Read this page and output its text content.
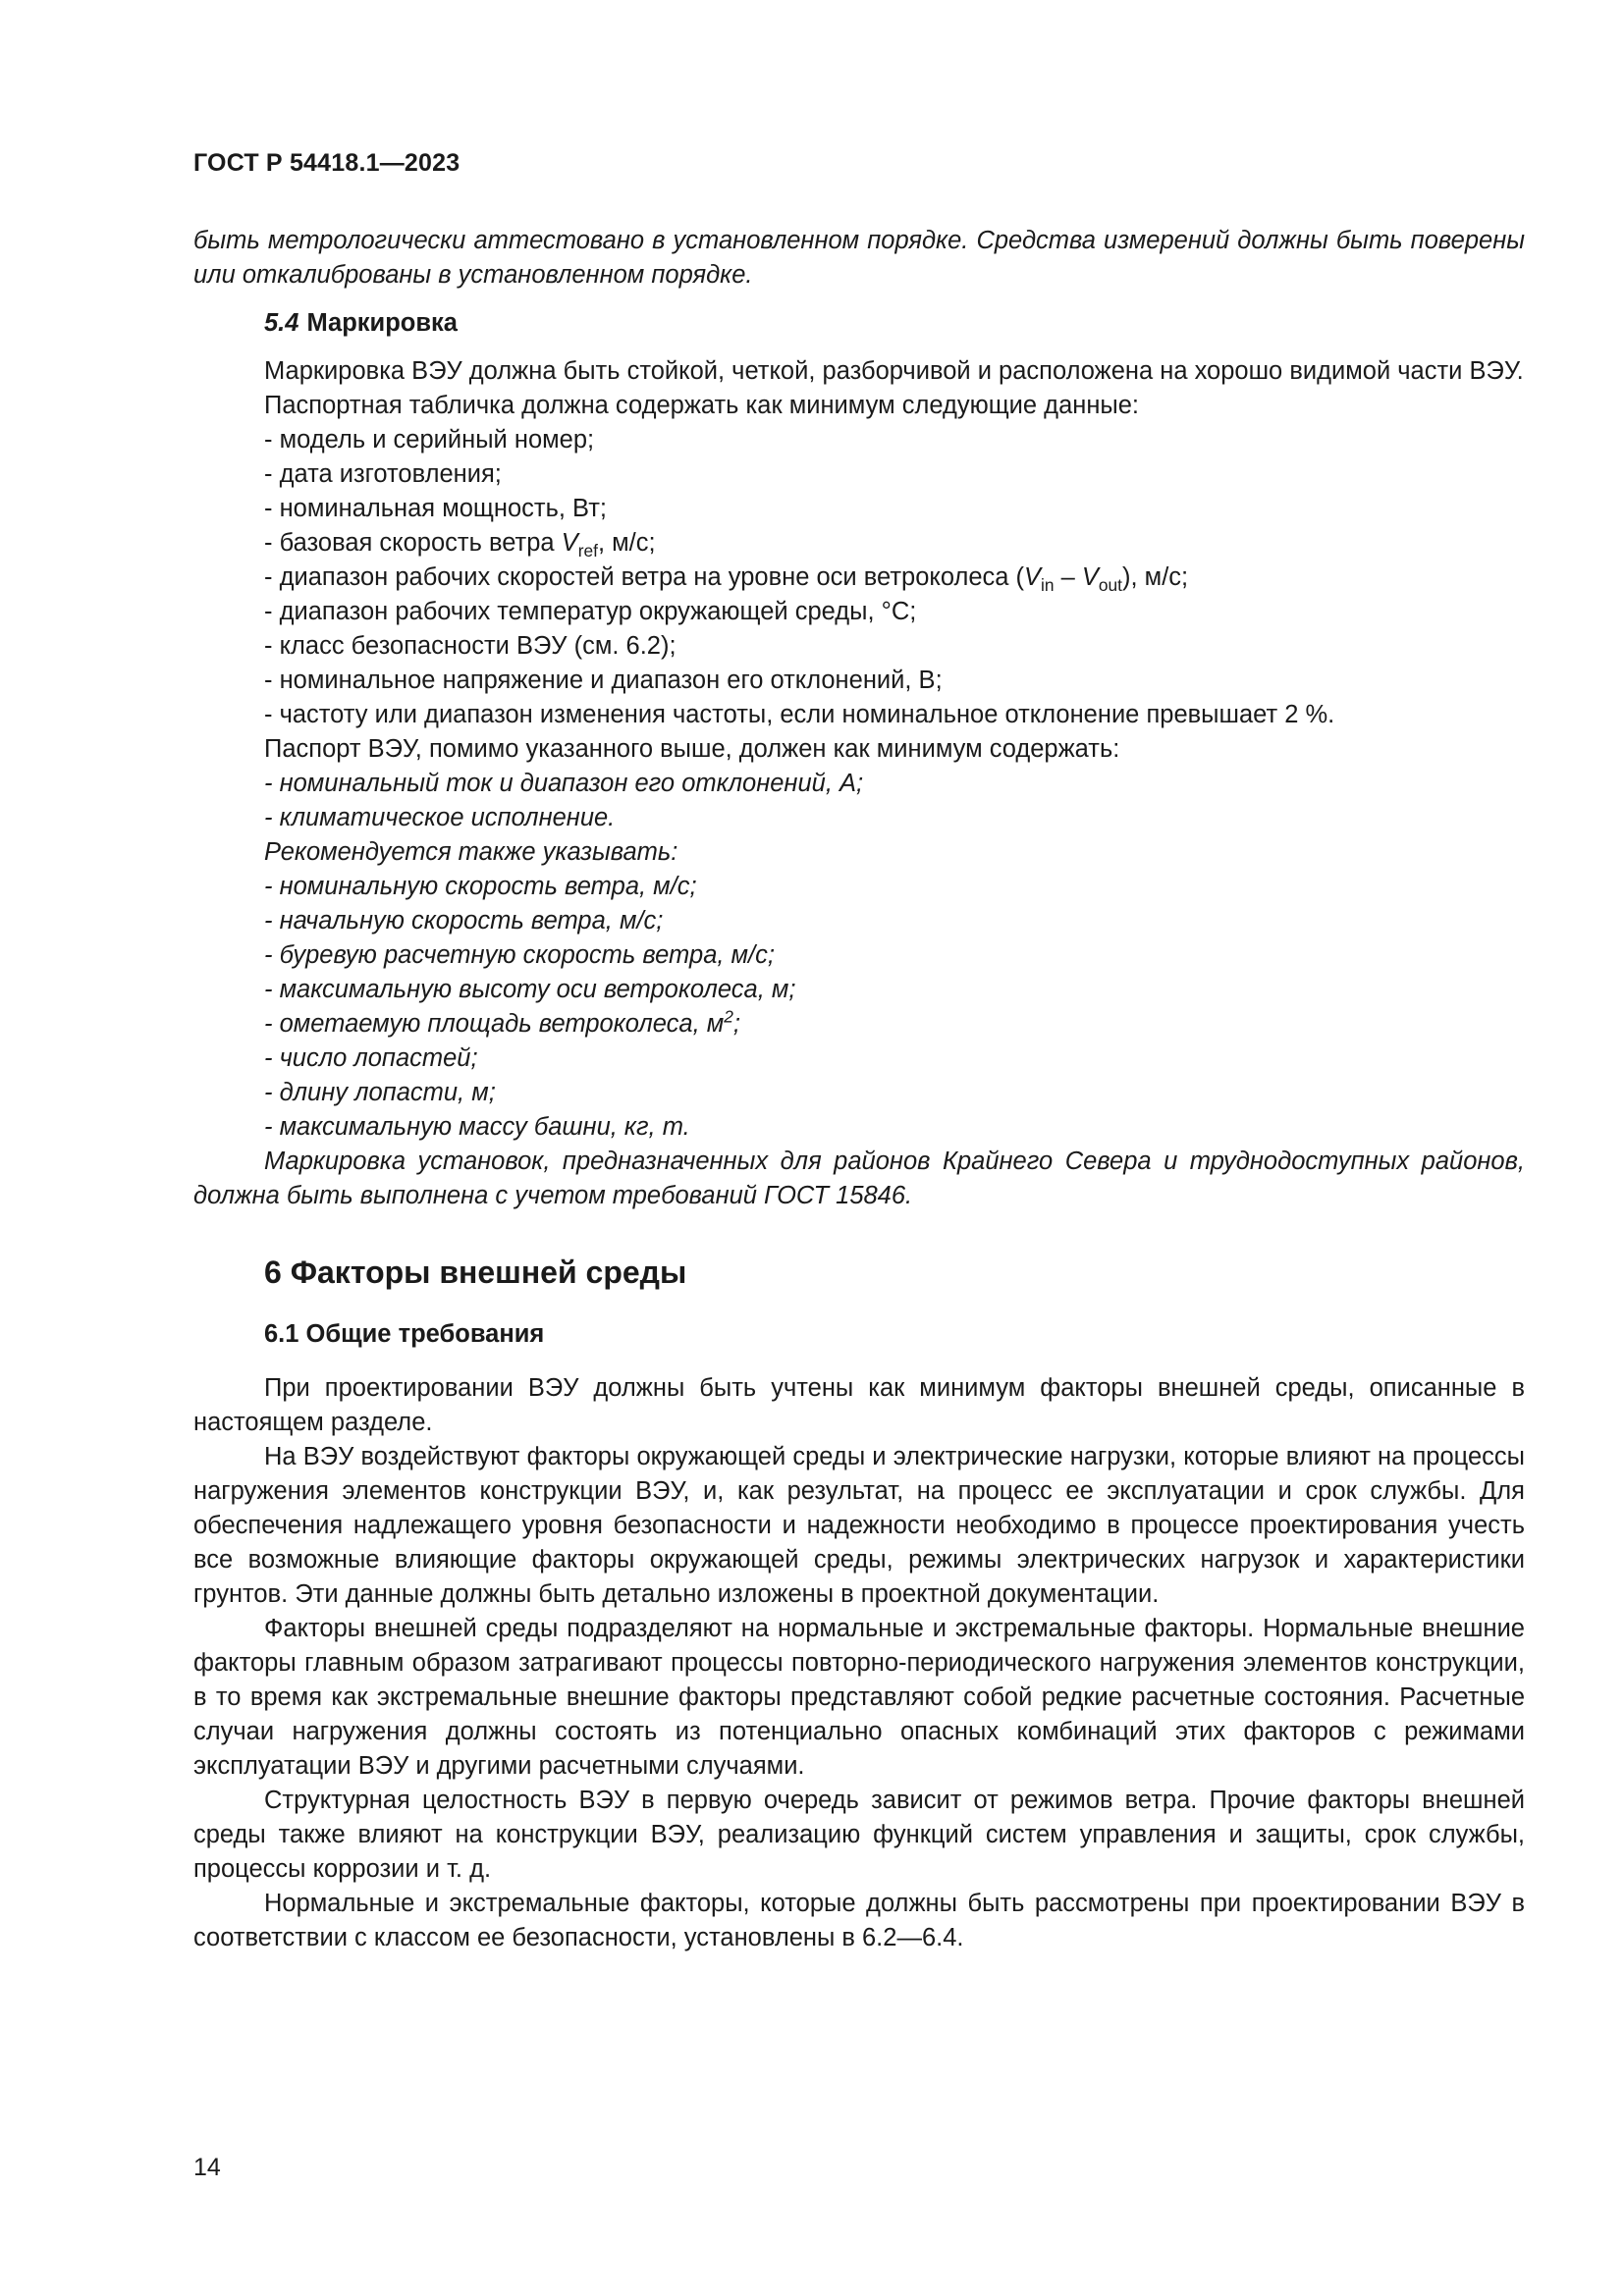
ГОСТ Р 54418.1—2023

быть метрологически аттестовано в установленном порядке. Средства измерений должны быть поверены или откалиброваны в установленном порядке.

5.4 Маркировка

Маркировка ВЭУ должна быть стойкой, четкой, разборчивой и расположена на хорошо видимой части ВЭУ.

Паспортная табличка должна содержать как минимум следующие данные:

- модель и серийный номер;

- дата изготовления;

- номинальная мощность, Вт;

- базовая скорость ветра $V_{ref}$, м/с;

- диапазон рабочих скоростей ветра на уровне оси ветроколеса $(V_{in} - V_{out})$, м/с;

- диапазон рабочих температур окружающей среды, °С;

- класс безопасности ВЭУ (см. 6.2);

- номинальное напряжение и диапазон его отклонений, В;

- частоту или диапазон изменения частоты, если номинальное отклонение превышает 2 %.

Паспорт ВЭУ, помимо указанного выше, должен как минимум содержать:

- номинальный ток и диапазон его отклонений, А;

- климатическое исполнение.

Рекомендуется также указывать:

- номинальную скорость ветра, м/с;

- начальную скорость ветра, м/с;

- буревую расчетную скорость ветра, м/с;

- максимальную высоту оси ветроколеса, м;

- ометаемую площадь ветроколеса, $м^2$;

- число лопастей;

- длину лопасти, м;

- максимальную массу башни, кг, т.

Маркировка установок, предназначенных для районов Крайнего Севера и труднодоступных районов, должна быть выполнена с учетом требований ГОСТ 15846.

6 Факторы внешней среды
6.1 Общие требования

При проектировании ВЭУ должны быть учтены как минимум факторы внешней среды, описанные в настоящем разделе.

На ВЭУ воздействуют факторы окружающей среды и электрические нагрузки, которые влияют на процессы нагружения элементов конструкции ВЭУ, и, как результат, на процесс ее эксплуатации и срок службы. Для обеспечения надлежащего уровня безопасности и надежности необходимо в процессе проектирования учесть все возможные влияющие факторы окружающей среды, режимы электрических нагрузок и характеристики грунтов. Эти данные должны быть детально изложены в проектной документации.

Факторы внешней среды подразделяют на нормальные и экстремальные факторы. Нормальные внешние факторы главным образом затрагивают процессы повторно-периодического нагружения элементов конструкции, в то время как экстремальные внешние факторы представляют собой редкие расчетные состояния. Расчетные случаи нагружения должны состоять из потенциально опасных комбинаций этих факторов с режимами эксплуатации ВЭУ и другими расчетными случаями.

Структурная целостность ВЭУ в первую очередь зависит от режимов ветра. Прочие факторы внешней среды также влияют на конструкции ВЭУ, реализацию функций систем управления и защиты, срок службы, процессы коррозии и т. д.

Нормальные и экстремальные факторы, которые должны быть рассмотрены при проектировании ВЭУ в соответствии с классом ее безопасности, установлены в 6.2—6.4.

14
